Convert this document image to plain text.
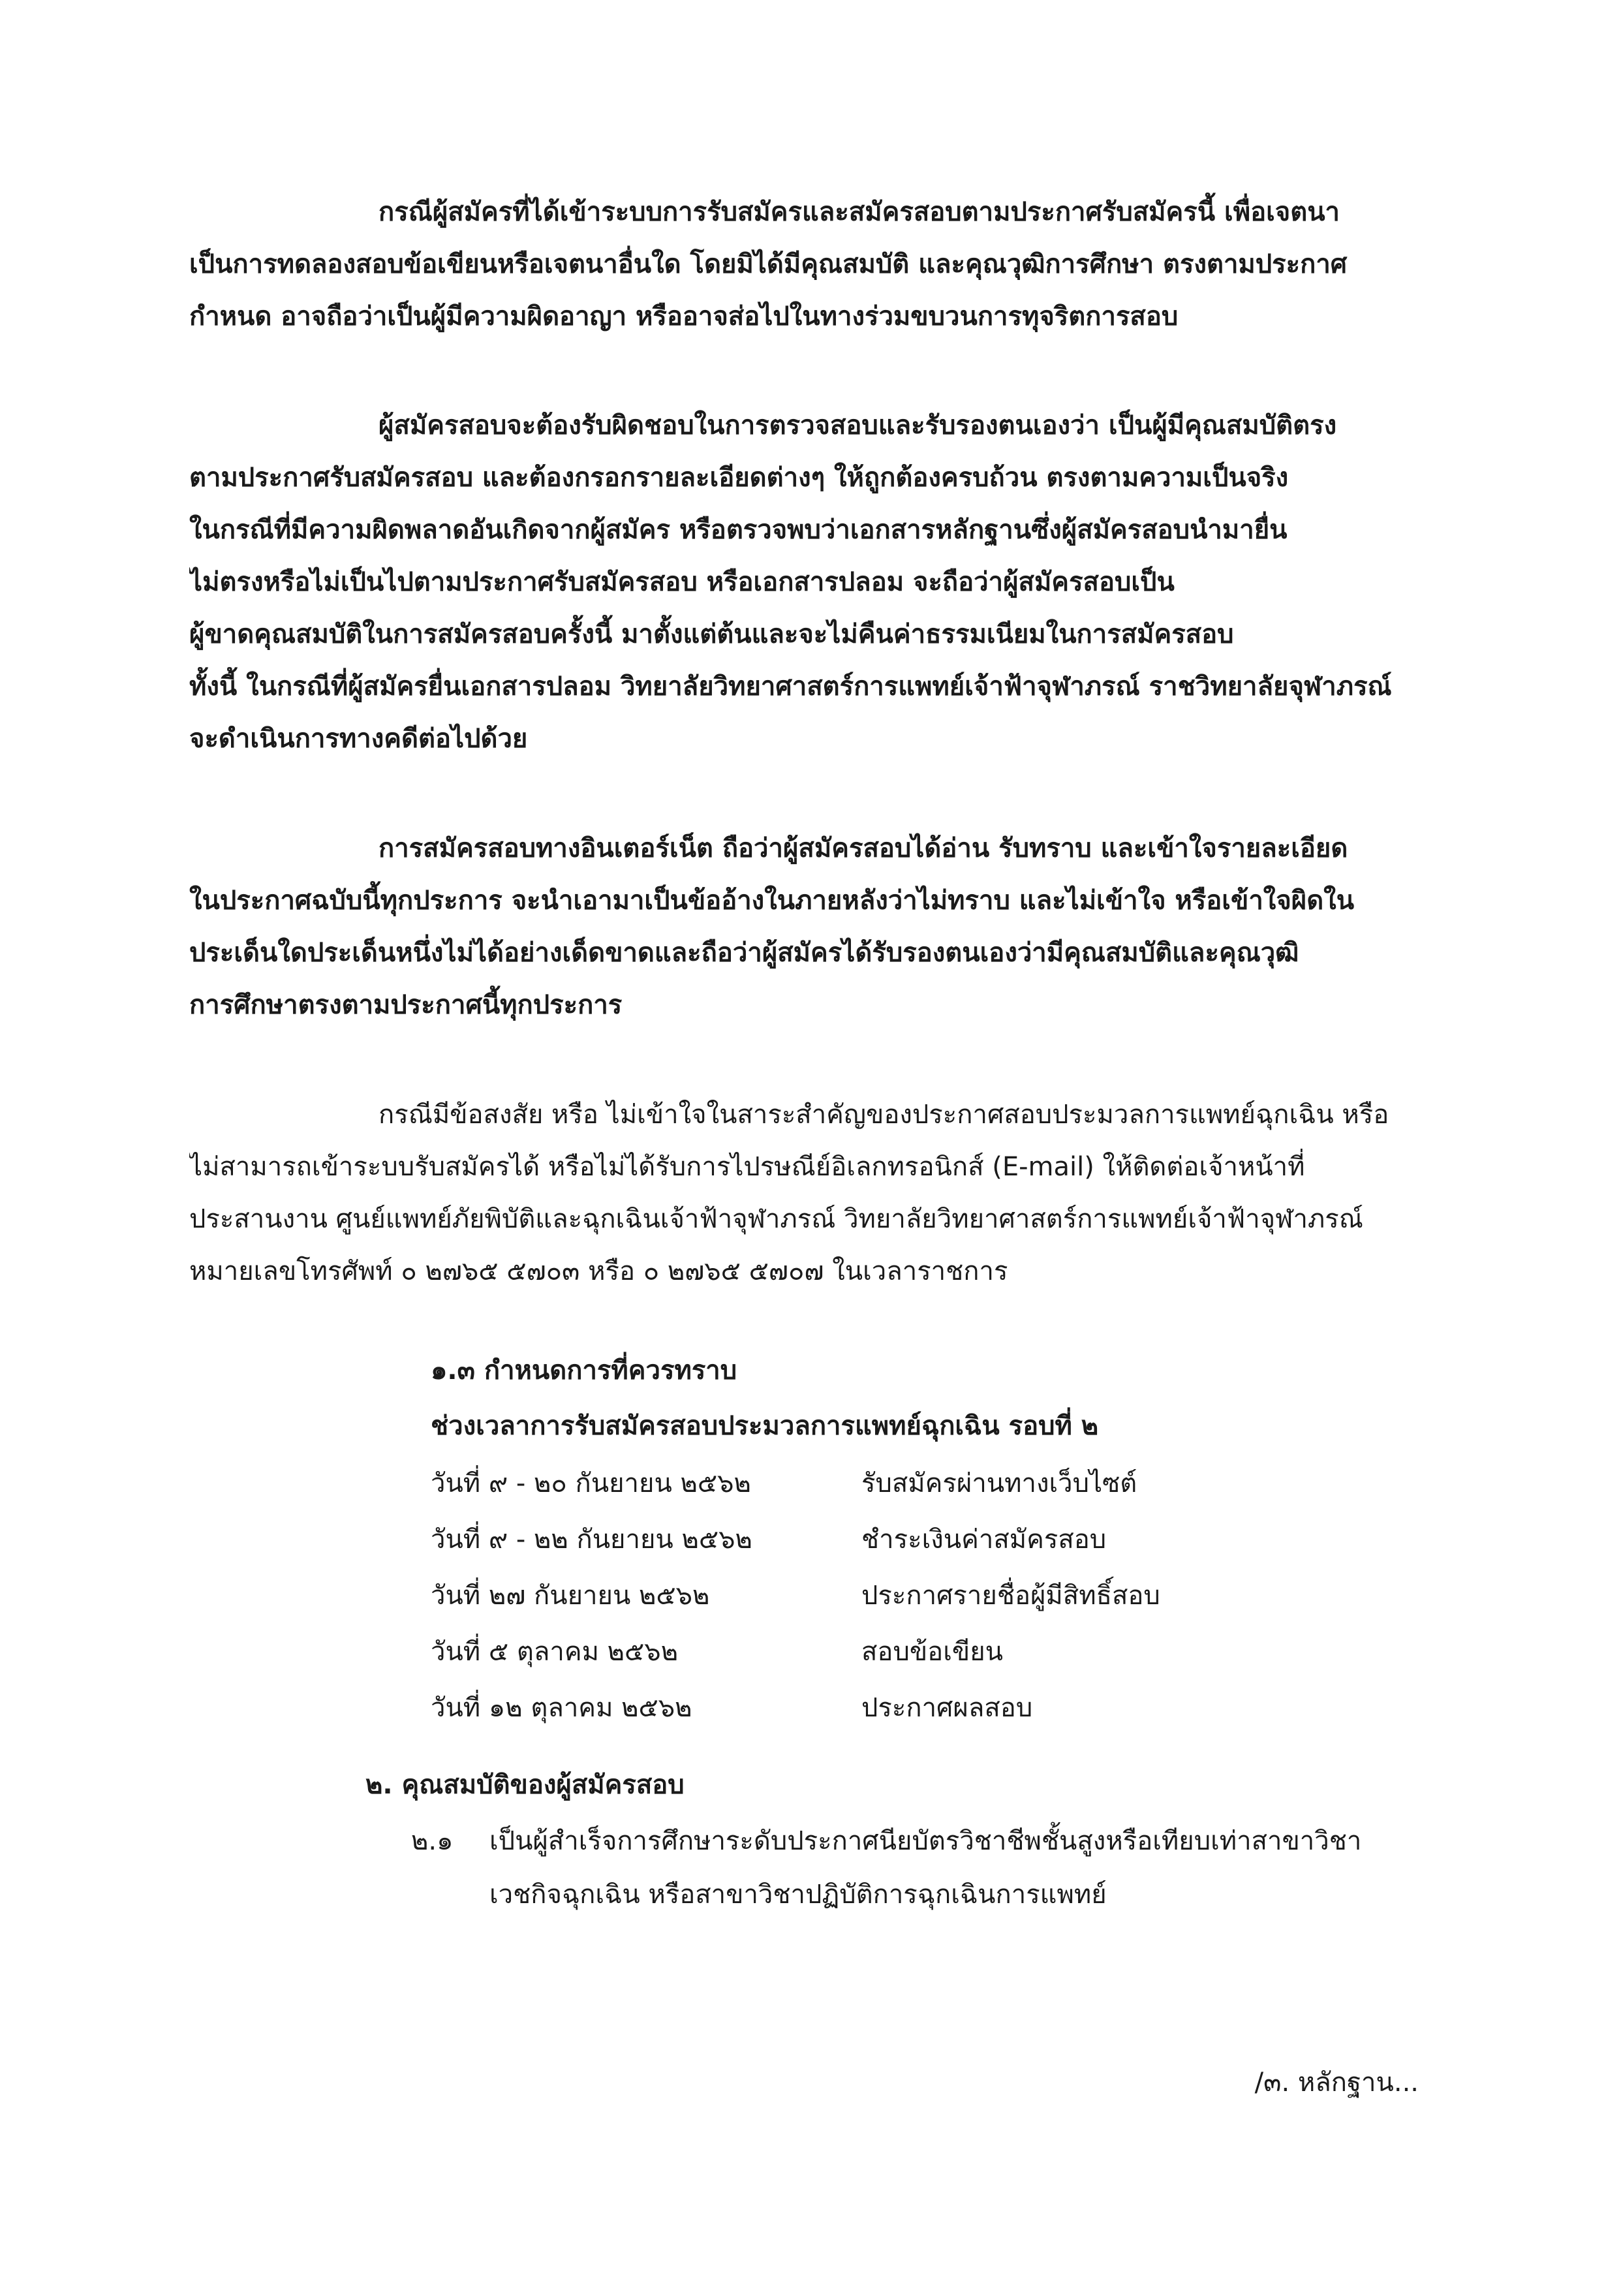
กรณีผู้สมัครที่ได้เข้าระบบการรับสมัครและสมัครสอบตามประกาศรับสมัครนี้ เพื่อเจตนา
เป็นการทดลองสอบข้อเขียนหรือเจตนาอื่นใด โดยมิได้มีคุณสมบัติ และคุณวุฒิการศึกษา ตรงตามประกาศ
กำหนด อาจถือว่าเป็นผู้มีความผิดอาญา หรืออาจส่อไปในทางร่วมขบวนการทุจริตการสอบ
ผู้สมัครสอบจะต้องรับผิดชอบในการตรวจสอบและรับรองตนเองว่า เป็นผู้มีคุณสมบัติตรง
ตามประกาศรับสมัครสอบ และต้องกรอกรายละเอียดต่างๆ ให้ถูกต้องครบถ้วน ตรงตามความเป็นจริง
ในกรณีที่มีความผิดพลาดอันเกิดจากผู้สมัคร หรือตรวจพบว่าเอกสารหลักฐานซึ่งผู้สมัครสอบนำมายื่น
ไม่ตรงหรือไม่เป็นไปตามประกาศรับสมัครสอบ หรือเอกสารปลอม จะถือว่าผู้สมัครสอบเป็น
ผู้ขาดคุณสมบัติในการสมัครสอบครั้งนี้ มาตั้งแต่ต้นและจะไม่คืนค่าธรรมเนียมในการสมัครสอบ
ทั้งนี้ ในกรณีที่ผู้สมัครยื่นเอกสารปลอม วิทยาลัยวิทยาศาสตร์การแพทย์เจ้าฟ้าจุฬาภรณ์ ราชวิทยาลัยจุฬาภรณ์
จะดำเนินการทางคดีต่อไปด้วย
การสมัครสอบทางอินเตอร์เน็ต ถือว่าผู้สมัครสอบได้อ่าน รับทราบ และเข้าใจรายละเอียด
ในประกาศฉบับนี้ทุกประการ จะนำเอามาเป็นข้ออ้างในภายหลังว่าไม่ทราบ และไม่เข้าใจ หรือเข้าใจผิดใน
ประเด็นใดประเด็นหนึ่งไม่ได้อย่างเด็ดขาดและถือว่าผู้สมัครได้รับรองตนเองว่ามีคุณสมบัติและคุณวุฒิ
การศึกษาตรงตามประกาศนี้ทุกประการ
กรณีมีข้อสงสัย หรือ ไม่เข้าใจในสาระสำคัญของประกาศสอบประมวลการแพทย์ฉุกเฉิน หรือ
ไม่สามารถเข้าระบบรับสมัครได้ หรือไม่ได้รับการไปรษณีย์อิเลกทรอนิกส์ (E-mail) ให้ติดต่อเจ้าหน้าที่
ประสานงาน ศูนย์แพทย์ภัยพิบัติและฉุกเฉินเจ้าฟ้าจุฬาภรณ์ วิทยาลัยวิทยาศาสตร์การแพทย์เจ้าฟ้าจุฬาภรณ์
หมายเลขโทรศัพท์ ๐ ๒๗๖๕ ๕๗๐๓ หรือ ๐ ๒๗๖๕ ๕๗๐๗ ในเวลาราชการ
๑.๓ กำหนดการที่ควรทราบ
ช่วงเวลาการรับสมัครสอบประมวลการแพทย์ฉุกเฉิน รอบที่ ๒
วันที่ ๙ - ๒๐ กันยายน ๒๕๖๒	รับสมัครผ่านทางเว็บไซต์
วันที่ ๙ - ๒๒ กันยายน ๒๕๖๒	ชำระเงินค่าสมัครสอบ
วันที่ ๒๗ กันยายน ๒๕๖๒	ประกาศรายชื่อผู้มีสิทธิ์สอบ
วันที่ ๕ ตุลาคม ๒๕๖๒	สอบข้อเขียน
วันที่ ๑๒ ตุลาคม ๒๕๖๒	ประกาศผลสอบ
๒. คุณสมบัติของผู้สมัครสอบ
๒.๑	เป็นผู้สำเร็จการศึกษาระดับประกาศนียบัตรวิชาชีพชั้นสูงหรือเทียบเท่าสาขาวิชา
เวชกิจฉุกเฉิน หรือสาขาวิชาปฏิบัติการฉุกเฉินการแพทย์
/๓. หลักฐาน...
